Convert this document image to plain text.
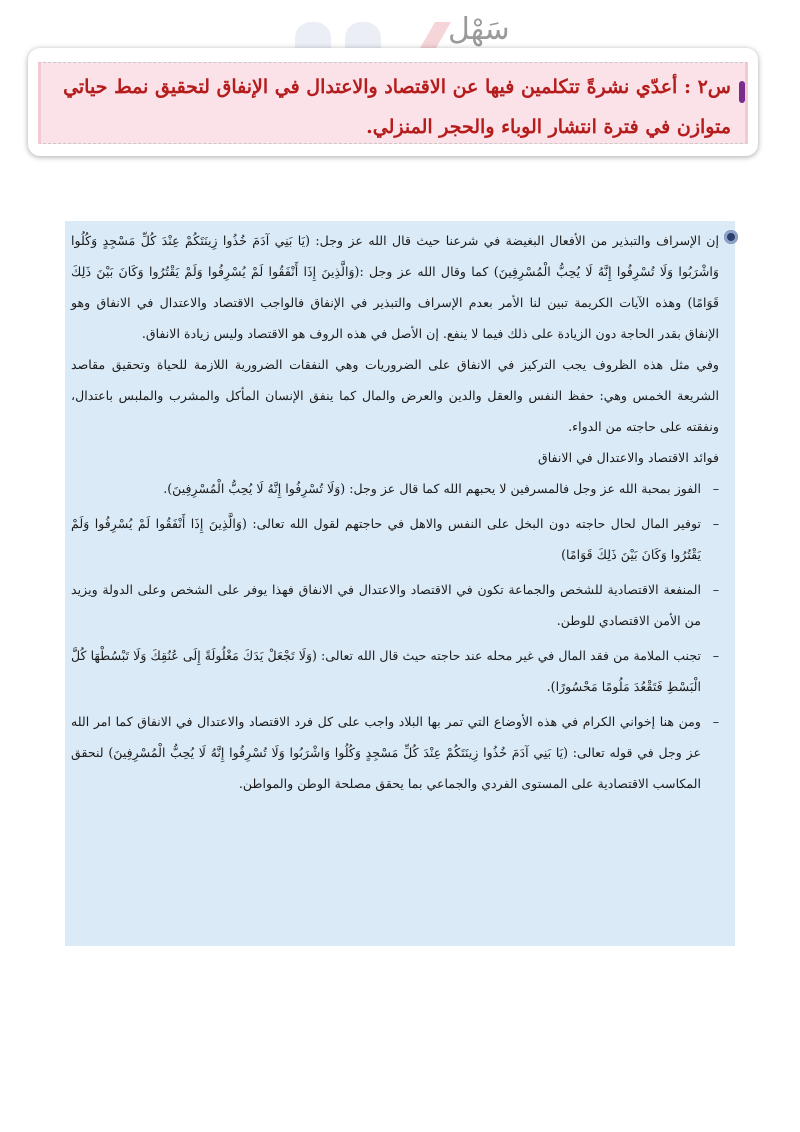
سَهْل
س٢ : أعدّي نشرةً تتكلمين فيها عن الاقتصاد والاعتدال في الإنفاق لتحقيق نمط حياتي متوازن في فترة انتشار الوباء والحجر المنزلي.

إن الإسراف والتبذير من الأفعال البغيضة في شرعنا حيث قال الله عز وجل: (يَا بَنِي آدَمَ خُذُوا زِينَتَكُمْ عِنْدَ كُلِّ مَسْجِدٍ وَكُلُوا وَاشْرَبُوا وَلَا تُسْرِفُوا إِنَّهُ لَا يُحِبُّ الْمُسْرِفِينَ) كما وقال الله عز وجل :(وَالَّذِينَ إِذَا أَنْفَقُوا لَمْ يُسْرِفُوا وَلَمْ يَقْتُرُوا وَكَانَ بَيْنَ ذَلِكَ قَوَامًا) وهذه الآيات الكريمة تبين لنا الأمر بعدم الإسراف والتبذير في الإنفاق فالواجب الاقتصاد والاعتدال في الانفاق وهو الإنفاق بقدر الحاجة دون الزيادة على ذلك فيما لا ينفع. إن الأصل في هذه الروف هو الاقتصاد وليس زيادة الانفاق.

وفي مثل هذه الظروف يجب التركيز في الانفاق على الضروريات وهي النفقات الضرورية اللازمة للحياة وتحقيق مقاصد الشريعة الخمس وهي: حفظ النفس والعقل والدين والعرض والمال كما ينفق الإنسان المأكل والمشرب والملبس باعتدال، ونفقته على حاجته من الدواء.

فوائد الاقتصاد والاعتدال في الانفاق

–
الفوز بمحبة الله عز وجل فالمسرفين لا يحبهم الله كما قال عز وجل: (وَلَا تُسْرِفُوا إِنَّهُ لَا يُحِبُّ الْمُسْرِفِينَ).
–
توفير المال لحال حاجته دون البخل على النفس والاهل في حاجتهم لقول الله تعالى: (وَالَّذِينَ إِذَا أَنْفَقُوا لَمْ يُسْرِفُوا وَلَمْ يَقْتُرُوا وَكَانَ بَيْنَ ذَلِكَ قَوَامًا)
–
المنفعة الاقتصادية للشخص والجماعة تكون في الاقتصاد والاعتدال في الانفاق فهذا يوفر على الشخص وعلى الدولة ويزيد من الأمن الاقتصادي للوطن.
–
تجنب الملامة من فقد المال في غير محله عند حاجته حيث قال الله تعالى: (وَلَا تَجْعَلْ يَدَكَ مَغْلُولَةً إِلَى عُنُقِكَ وَلَا تَبْسُطْهَا كُلَّ الْبَسْطِ فَتَقْعُدَ مَلُومًا مَحْسُورًا).
–
ومن هنا إخواني الكرام في هذه الأوضاع التي تمر بها البلاد واجب على كل فرد الاقتصاد والاعتدال في الانفاق كما امر الله عز وجل في قوله تعالى: (يَا بَنِي آدَمَ خُذُوا زِينَتَكُمْ عِنْدَ كُلِّ مَسْجِدٍ وَكُلُوا وَاشْرَبُوا وَلَا تُسْرِفُوا إِنَّهُ لَا يُحِبُّ الْمُسْرِفِينَ) لنحقق المكاسب الاقتصادية على المستوى الفردي والجماعي بما يحقق مصلحة الوطن والمواطن.
